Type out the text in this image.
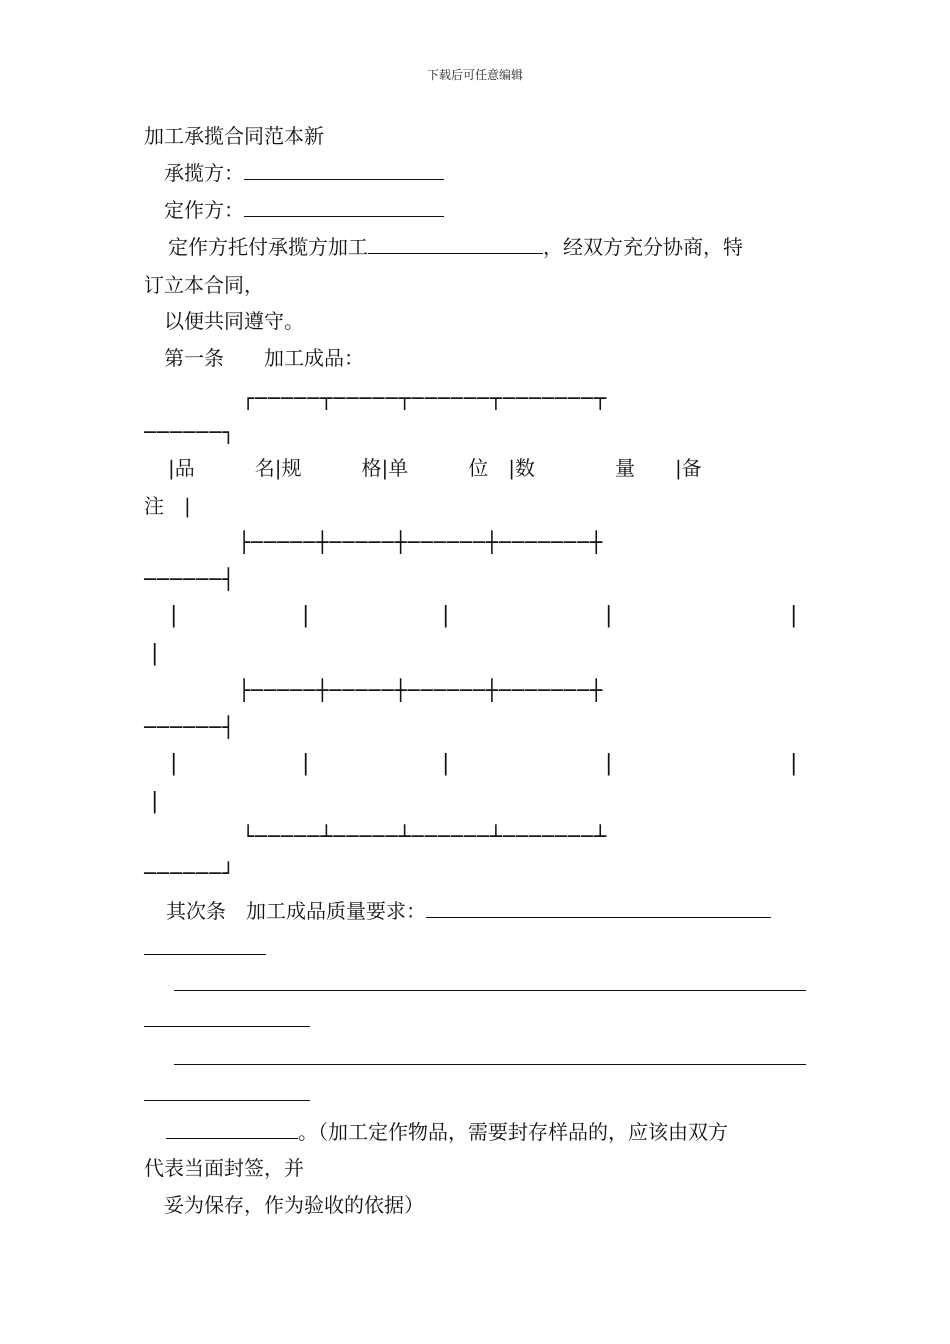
下载后可任意编辑
加工承揽合同范本新
承揽方：
定作方：
定作方托付承揽方加工	，经双方充分协商，特
订立本合同，
以便共同遵守。
第一条　　加工成品：
┌─────┬─────┬──────┬───────┬
──────┐
|品　　　名|规　　　格|单　　　位　|数　　　　量　　|备
注　|
├─────┼─────┼──────┼───────┼
──────┤
|	|	|	|	|
|
├─────┼─────┼──────┼───────┼
──────┤
|	|	|	|	|
|
└─────┴─────┴──────┴───────┴
──────┘
其次条　加工成品质量要求：
。（加工定作物品，需要封存样品的，应该由双方
代表当面封签，并
妥为保存，作为验收的依据）
